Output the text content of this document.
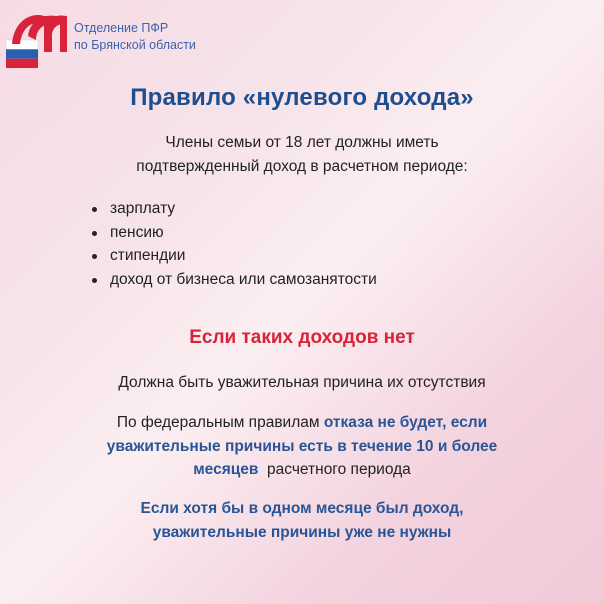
Отделение ПФР
по Брянской области
Правило «нулевого дохода»
Члены семьи от 18 лет должны иметь
подтвержденный доход в расчетном периоде:
зарплату
пенсию
стипендии
доход от бизнеса или самозанятости
Если таких доходов нет
Должна быть уважительная причина их отсутствия
По федеральным правилам отказа не будет, если
уважительные причины есть в течение 10 и более
месяцев  расчетного периода
Если хотя бы в одном месяце был доход,
уважительные причины уже не нужны
